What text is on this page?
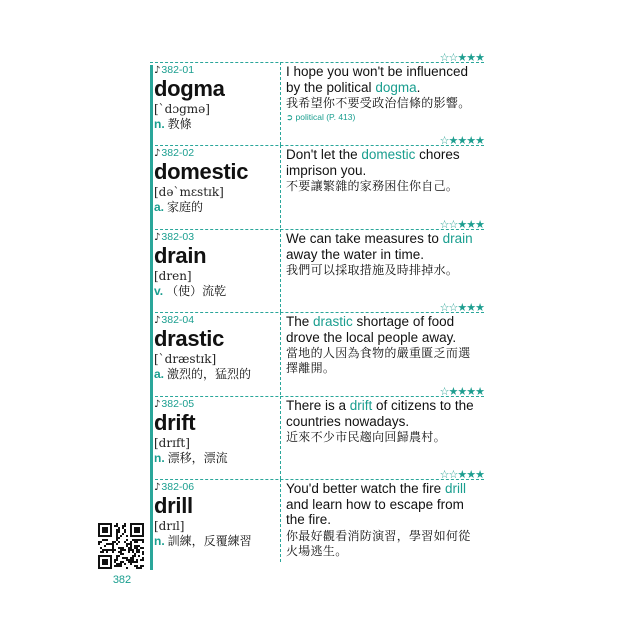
☆☆★★★
♪382-01
dogma
[ˋdɔgmə]
n. 教條
I hope you won't be influenced by the political dogma.
我希望你不要受政治信條的影響。
➲ political (P. 413)
☆★★★★
♪382-02
domestic
[dəˋmɛstɪk]
a. 家庭的
Don't let the domestic chores imprison you.
不要讓繁雜的家務困住你自己。
☆☆★★★
♪382-03
drain
[dren]
v. （使）流乾
We can take measures to drain away the water in time.
我們可以採取措施及時排掉水。
☆☆★★★
♪382-04
drastic
[ˋdræstɪk]
a. 激烈的，猛烈的
The drastic shortage of food drove the local people away.
當地的人因為食物的嚴重匱乏而選擇離開。
☆★★★★
♪382-05
drift
[drɪft]
n. 漂移，漂流
There is a drift of citizens to the countries nowadays.
近來不少市民趨向回歸農村。
☆☆★★★
♪382-06
drill
[drɪl]
n. 訓練，反覆練習
You'd better watch the fire drill and learn how to escape from the fire.
你最好觀看消防演習，學習如何從火場逃生。
382
